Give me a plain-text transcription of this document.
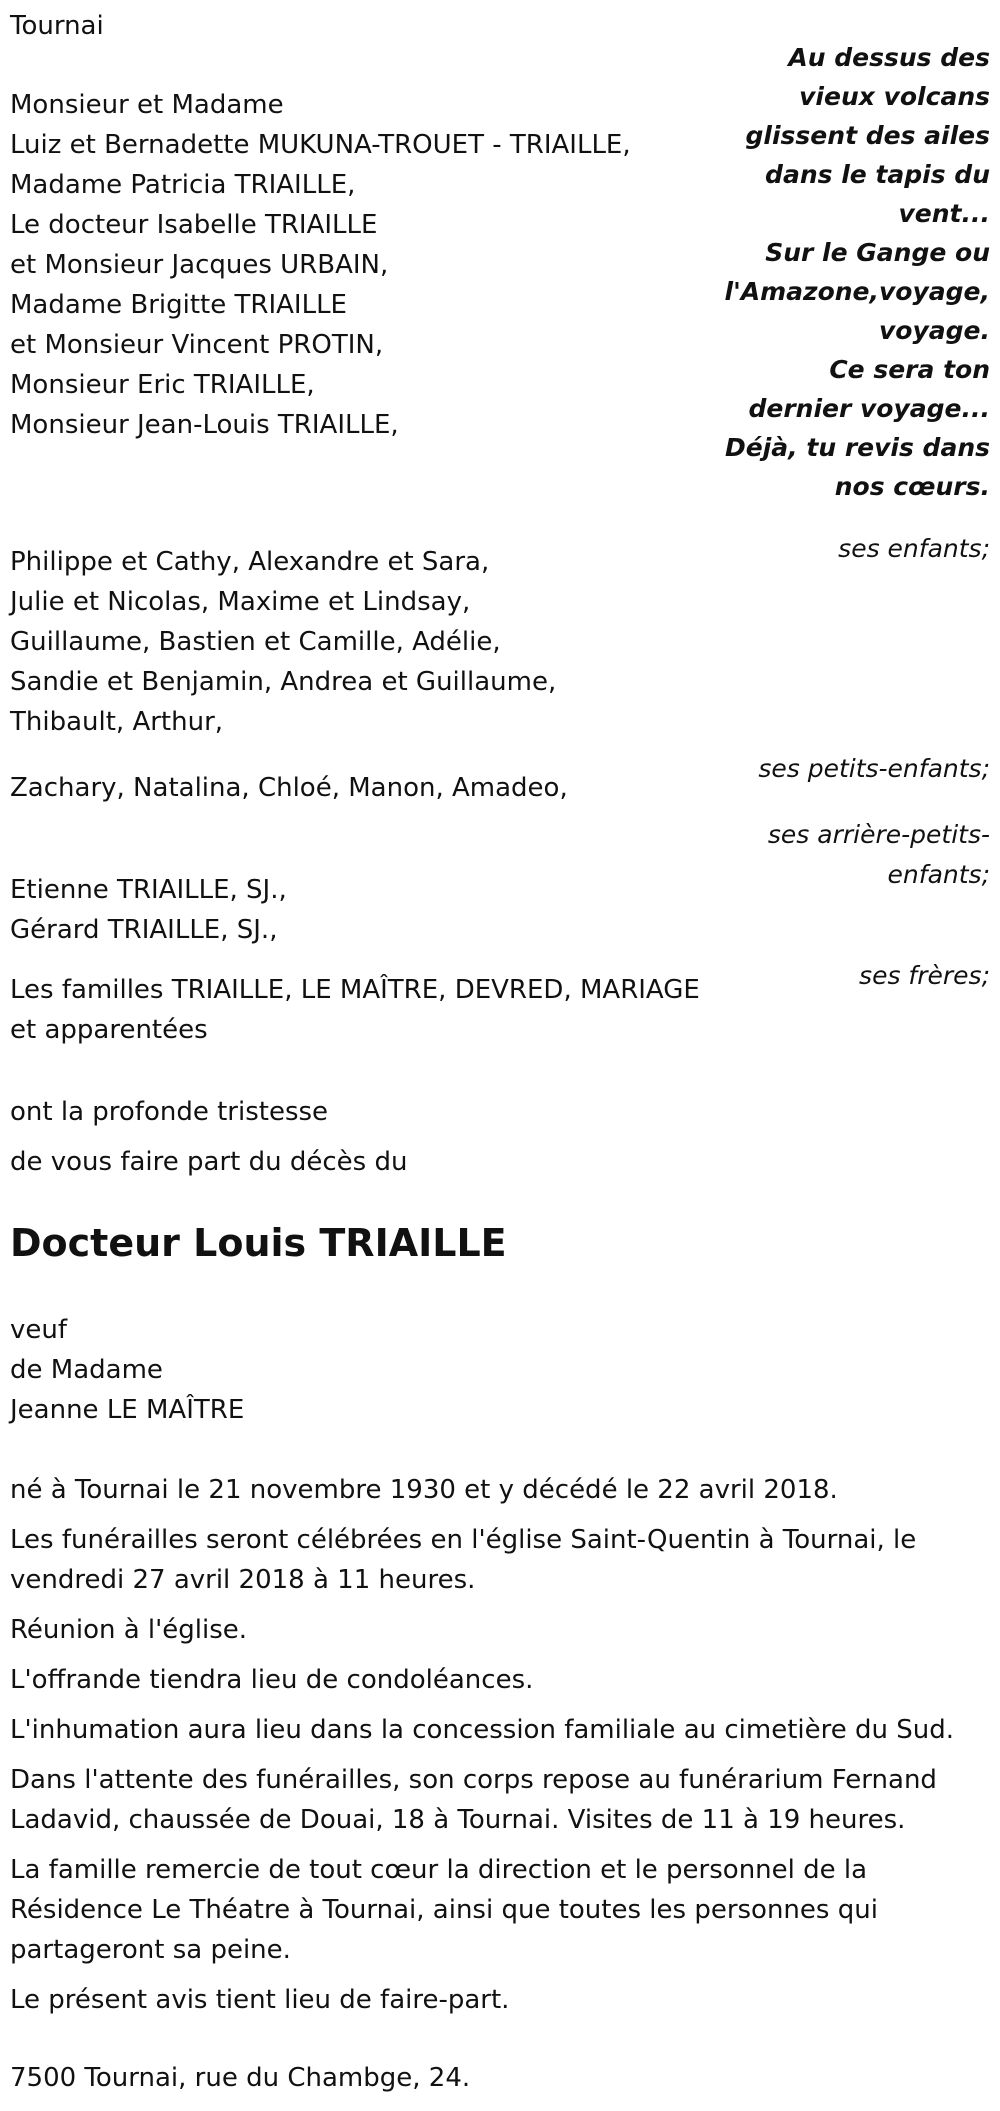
Tournai

Au dessus des
vieux volcans
glissent des ailes
dans le tapis du
vent...
Sur le Gange ou
l'Amazone,voyage,
voyage.
Ce sera ton
dernier voyage...
Déjà, tu revis dans
nos cœurs.
Monsieur et Madame
Luiz et Bernadette MUKUNA-TROUET - TRIAILLE,
Madame Patricia TRIAILLE,
Le docteur Isabelle TRIAILLE
et Monsieur Jacques URBAIN,
Madame Brigitte TRIAILLE
et Monsieur Vincent PROTIN,
Monsieur Eric TRIAILLE,
Monsieur Jean-Louis TRIAILLE,

ses enfants;

Philippe et Cathy, Alexandre et Sara,
Julie et Nicolas, Maxime et Lindsay,
Guillaume, Bastien et Camille, Adélie,
Sandie et Benjamin, Andrea et Guillaume,
Thibault, Arthur,

ses petits-enfants;

Zachary, Natalina, Chloé, Manon, Amadeo,

ses arrière-petits-enfants;

Etienne TRIAILLE, SJ.,
Gérard TRIAILLE, SJ.,

ses frères;

Les familles TRIAILLE, LE MAÎTRE, DEVRED, MARIAGE
et apparentées

ont la profonde tristesse

de vous faire part du décès du

Docteur Louis TRIAILLE
veuf
de Madame
Jeanne LE MAÎTRE

né à Tournai le 21 novembre 1930 et y décédé le 22 avril 2018.

Les funérailles seront célébrées en l'église Saint-Quentin à Tournai, le vendredi 27 avril 2018 à 11 heures.

Réunion à l'église.

L'offrande tiendra lieu de condoléances.

L'inhumation aura lieu dans la concession familiale au cimetière du Sud.

Dans l'attente des funérailles, son corps repose au funérarium Fernand Ladavid, chaussée de Douai, 18 à Tournai. Visites de 11 à 19 heures.

La famille remercie de tout cœur la direction et le personnel de la Résidence Le Théatre à Tournai, ainsi que toutes les personnes qui partageront sa peine.

Le présent avis tient lieu de faire-part.

7500 Tournai, rue du Chambge, 24.
